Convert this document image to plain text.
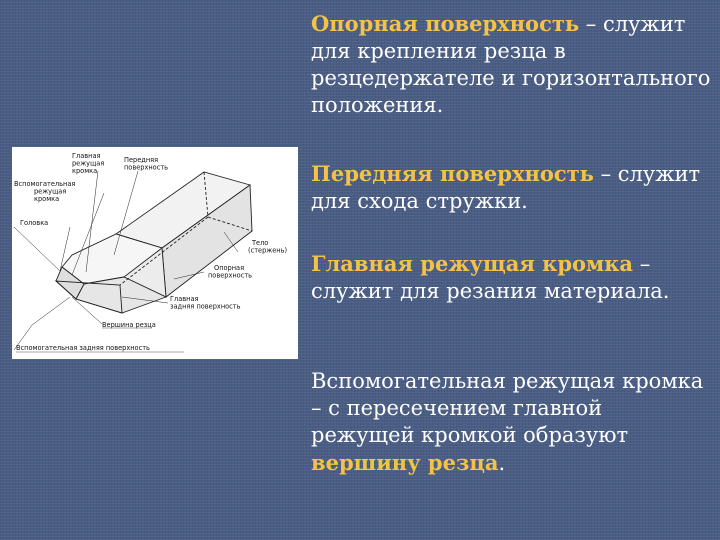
Главная режущая кромка
Передняя поверхность
Вспомогательная режущая кромка
Головка
Тело (стержень)
Опорная поверхность
Главная задняя поверхность
Вершина резца
Вспомогательная задняя поверхность

Опорная поверхность – служит для крепления резца в резцедержателе и горизонтального положения.

Передняя поверхность – служит для схода стружки.

Главная режущая кромка – служит для резания материала.

Вспомогательная режущая кромка – с пересечением главной режущей кромкой образуют вершину резца.
